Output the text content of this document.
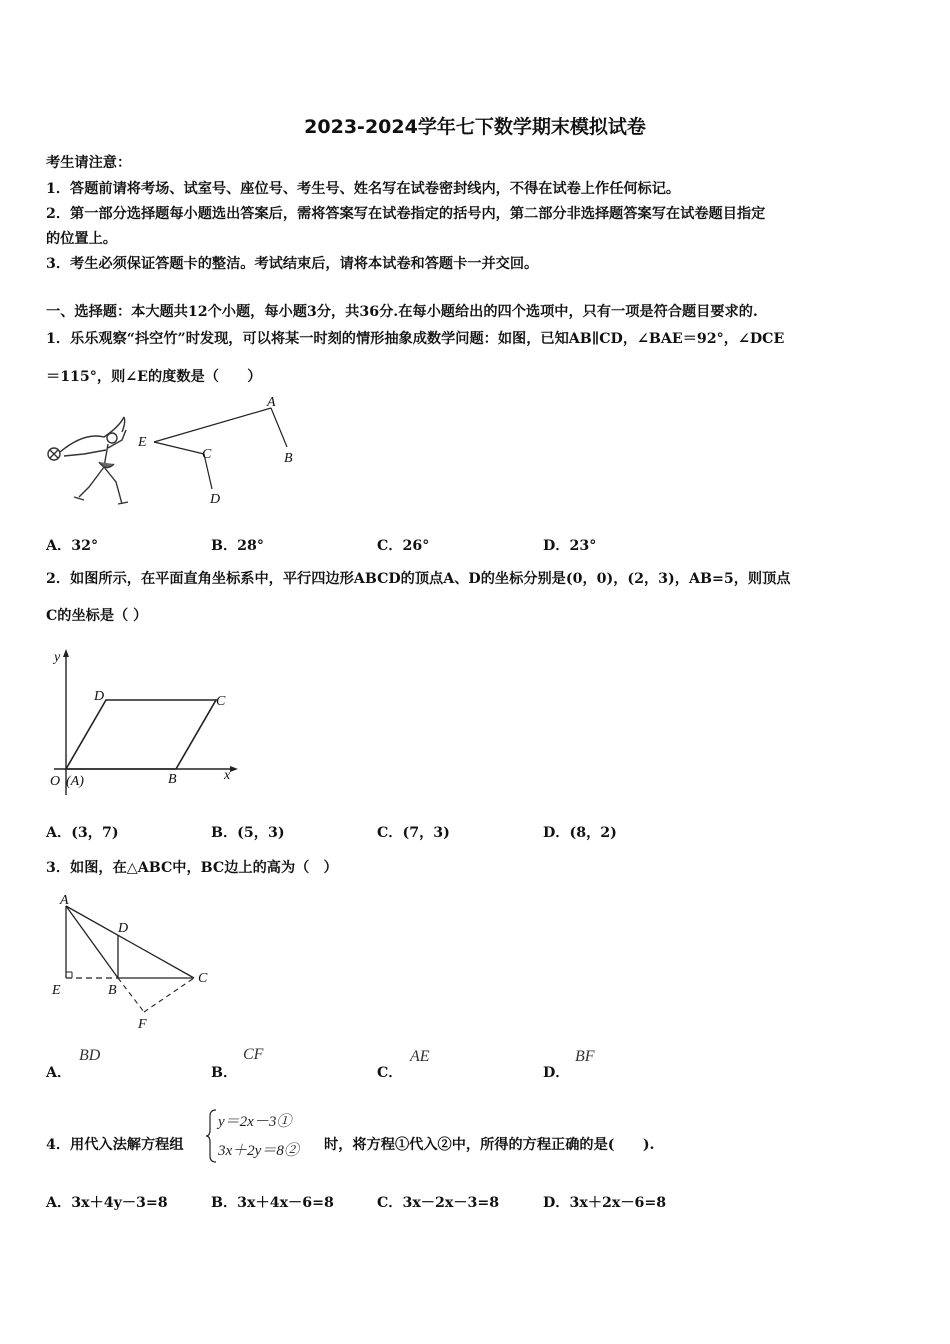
2023-2024学年七下数学期末模拟试卷
考生请注意：
1．答题前请将考场、试室号、座位号、考生号、姓名写在试卷密封线内，不得在试卷上作任何标记。
2．第一部分选择题每小题选出答案后，需将答案写在试卷指定的括号内，第二部分非选择题答案写在试卷题目指定
的位置上。
3．考生必须保证答题卡的整洁。考试结束后，请将本试卷和答题卡一并交回。
一、选择题：本大题共12个小题，每小题3分，共36分.在每小题给出的四个选项中，只有一项是符合题目要求的.
1．乐乐观察“抖空竹”时发现，可以将某一时刻的情形抽象成数学问题：如图，已知AB∥CD，∠BAE＝92°，∠DCE
＝115°，则∠E的度数是（　　）
A
B
C
D
E
A．32°	B．28°	C．26°	D．23°
2．如图所示，在平面直角坐标系中，平行四边形ABCD的顶点A、D的坐标分别是(0，0)，(2，3)，AB=5，则顶点
C的坐标是（ ）
y
x
O (A)	B
C
D
A．(3，7)	B．(5，3)	C．(7，3)	D．(8，2)
3．如图，在△ABC中，BC边上的高为（　）
A
B
C
D
E
F
A．
BD
B．
CF
C．
AE
D．
BF
4．用代入法解方程组
y＝2x－3①
3x＋2y＝8② 时，将方程①代入②中，所得的方程正确的是(　　).
A．3x＋4y－3=8	B．3x＋4x－6=8	C．3x－2x－3=8	D．3x＋2x－6=8
